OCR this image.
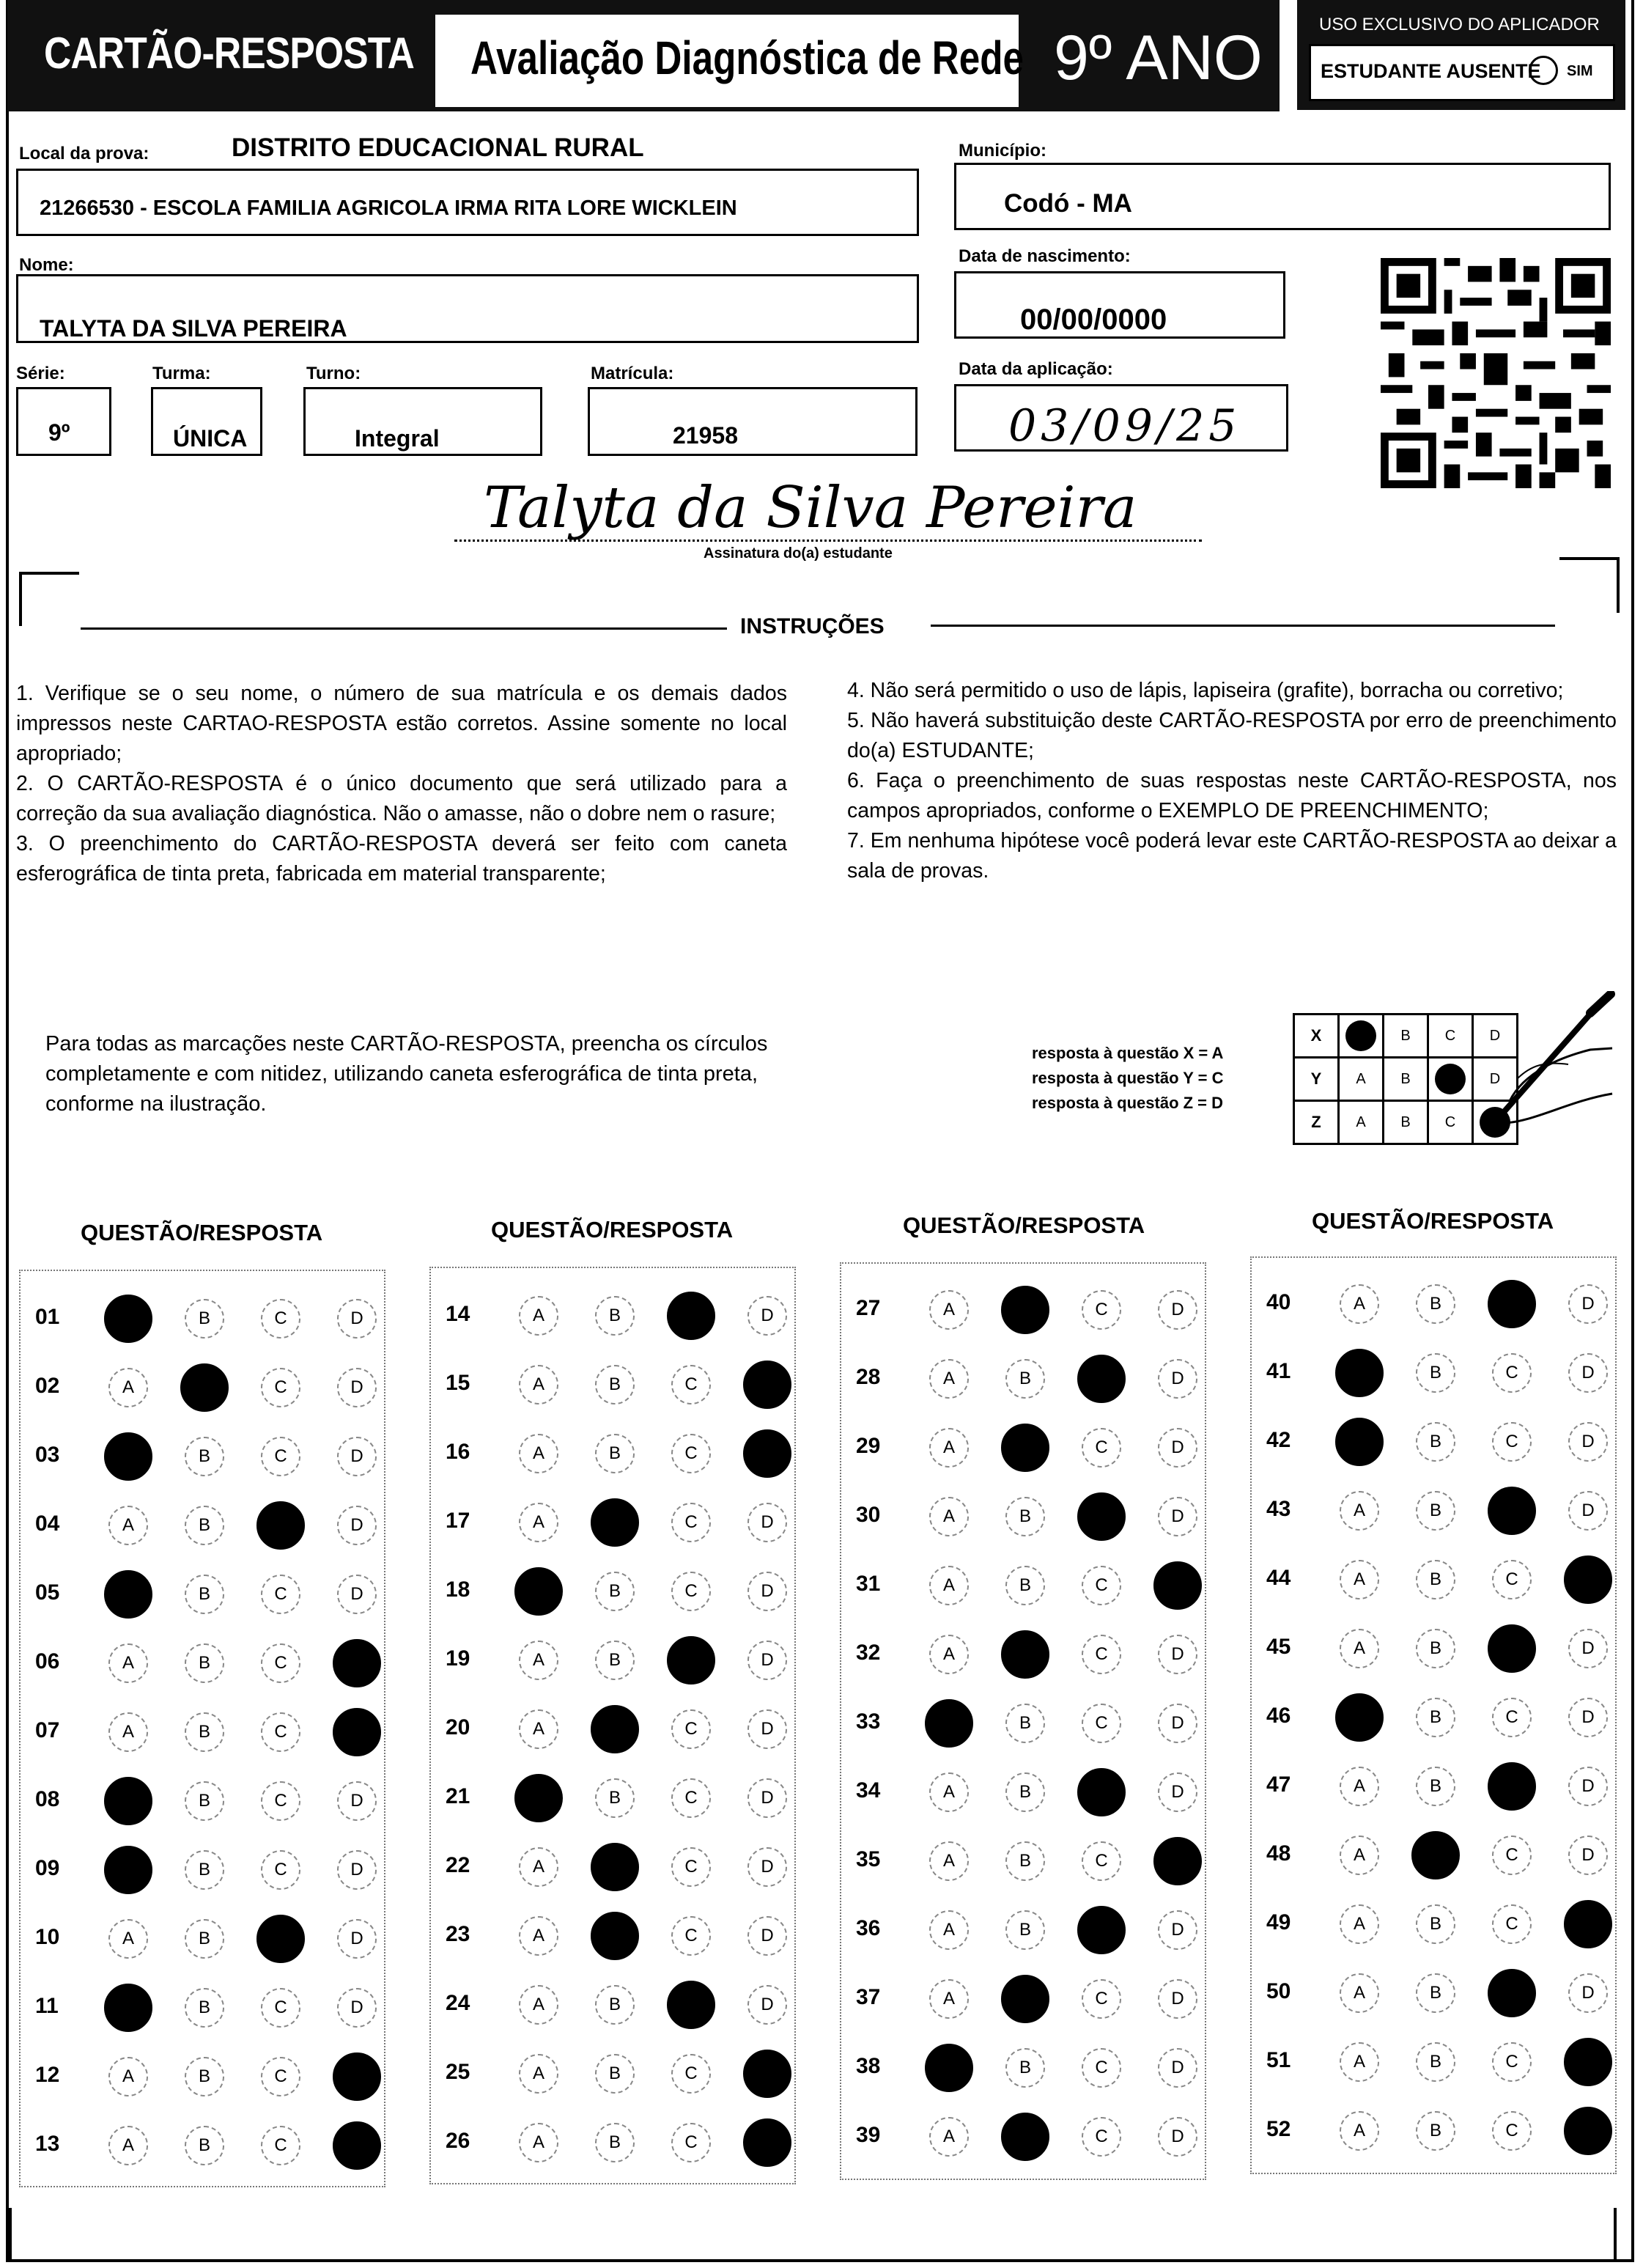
CARTÃO-RESPOSTA Avaliação Diagnóstica de Rede 9º ANO	USO EXCLUSIVO DO APLICADOR
ESTUDANTE AUSENTE SIM
Local da prova:	DISTRITO EDUCACIONAL RURAL
21266530 - ESCOLA FAMILIA AGRICOLA IRMA RITA LORE WICKLEIN
Município:
Codó - MA
Nome:
TALYTA DA SILVA PEREIRA
Data de nascimento:
00/00/0000
Série:
9º
Turma:
ÚNICA
Turno:
Integral
Matrícula:
21958
Data da aplicação:
03/09/25
Talyta da Silva Pereira
Assinatura do(a) estudante
INSTRUÇÕES

1. Verifique se o seu nome, o número de sua matrícula e os demais dados impressos neste CARTAO-RESPOSTA estão corretos. Assine somente no local apropriado;

2. O CARTÃO-RESPOSTA é o único documento que será utilizado para a correção da sua avaliação diagnóstica. Não o amasse, não o dobre nem o rasure;

3. O preenchimento do CARTÃO-RESPOSTA deverá ser feito com caneta esferográfica de tinta preta, fabricada em material transparente;

4. Não será permitido o uso de lápis, lapiseira (grafite), borracha ou corretivo;

5. Não haverá substituição deste CARTÃO-RESPOSTA por erro de preenchimento do(a) ESTUDANTE;

6. Faça o preenchimento de suas respostas neste CARTÃO-RESPOSTA, nos campos apropriados, conforme o EXEMPLO DE PREENCHIMENTO;

7. Em nenhuma hipótese você poderá levar este CARTÃO-RESPOSTA ao deixar a sala de provas.

Para todas as marcações neste CARTÃO-RESPOSTA, preencha os círculos completamente e com nitidez, utilizando caneta esferográfica de tinta preta, conforme na ilustração.
resposta à questão X = A
resposta à questão Y = C
resposta à questão Z = D
X		B	C	D
Y	A	B		D
Z	A	B	C	
QUESTÃO/RESPOSTA
01	B	C	D
02	A	C	D
03	B	C	D
04	A	B	D
05	B	C	D
06	A	B	C
07	A	B	C
08	B	C	D
09	B	C	D
10	A	B	D
11	B	C	D
12	A	B	C
13	A	B	C
QUESTÃO/RESPOSTA
14	A	B	D
15	A	B	C
16	A	B	C
17	A	C	D
18	B	C	D
19	A	B	D
20	A	C	D
21	B	C	D
22	A	C	D
23	A	C	D
24	A	B	D
25	A	B	C
26	A	B	C
QUESTÃO/RESPOSTA
27	A	C	D
28	A	B	D
29	A	C	D
30	A	B	D
31	A	B	C
32	A	C	D
33	B	C	D
34	A	B	D
35	A	B	C
36	A	B	D
37	A	C	D
38	B	C	D
39	A	C	D
QUESTÃO/RESPOSTA
40	A	B	D
41	B	C	D
42	B	C	D
43	A	B	D
44	A	B	C
45	A	B	D
46	B	C	D
47	A	B	D
48	A	C	D
49	A	B	C
50	A	B	D
51	A	B	C
52	A	B	C
